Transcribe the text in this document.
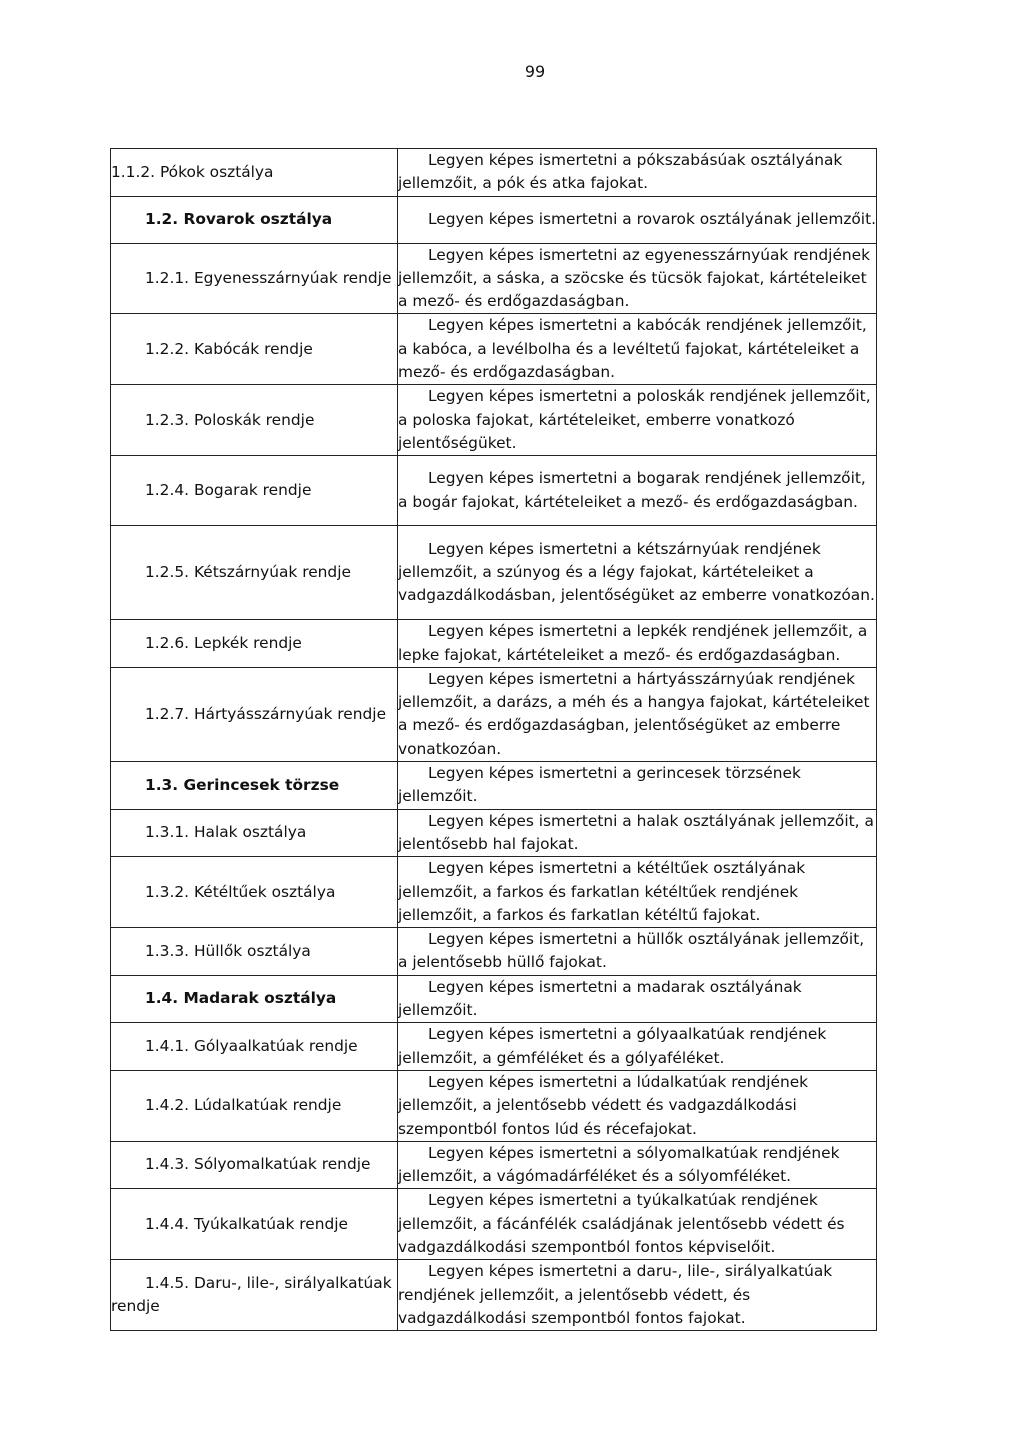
99
1.1.2. Pókok osztálya	Legyen képes ismertetni a pókszabásúak osztályának jellemzőit, a pók és atka fajokat.

1.2. Rovarok osztálya	Legyen képes ismertetni a rovarok osztályának jellemzőit.

1.2.1. Egyenesszárnyúak rendje	Legyen képes ismertetni az egyenesszárnyúak rendjének jellemzőit, a sáska, a szöcske és tücsök fajokat, kártételeiket a mező- és erdőgazdaságban.

1.2.2. Kabócák rendje	Legyen képes ismertetni a kabócák rendjének jellemzőit, a kabóca, a levélbolha és a levéltetű fajokat, kártételeiket a mező- és erdőgazdaságban.

1.2.3. Poloskák rendje	Legyen képes ismertetni a poloskák rendjének jellemzőit, a poloska fajokat, kártételeiket, emberre vonatkozó jelentőségüket.

1.2.4. Bogarak rendje	Legyen képes ismertetni a bogarak rendjének jellemzőit, a bogár fajokat, kártételeiket a mező- és erdőgazdaságban.

1.2.5. Kétszárnyúak rendje	Legyen képes ismertetni a kétszárnyúak rendjének jellemzőit, a szúnyog és a légy fajokat, kártételeiket a vadgazdálkodásban, jelentőségüket az emberre vonatkozóan.

1.2.6. Lepkék rendje	Legyen képes ismertetni a lepkék rendjének jellemzőit, a lepke fajokat, kártételeiket a mező- és erdőgazdaságban.

1.2.7. Hártyásszárnyúak rendje	Legyen képes ismertetni a hártyásszárnyúak rendjének jellemzőit, a darázs, a méh és a hangya fajokat, kártételeiket a mező- és erdőgazdaságban, jelentőségüket az emberre vonatkozóan.

1.3. Gerincesek törzse	Legyen képes ismertetni a gerincesek törzsének jellemzőit.

1.3.1. Halak osztálya	Legyen képes ismertetni a halak osztályának jellemzőit, a jelentősebb hal fajokat.

1.3.2. Kétéltűek osztálya	Legyen képes ismertetni a kétéltűek osztályának jellemzőit, a farkos és farkatlan kétéltűek rendjének jellemzőit, a farkos és farkatlan kétéltű fajokat.

1.3.3. Hüllők osztálya	Legyen képes ismertetni a hüllők osztályának jellemzőit, a jelentősebb hüllő fajokat.

1.4. Madarak osztálya	Legyen képes ismertetni a madarak osztályának jellemzőit.

1.4.1. Gólyaalkatúak rendje	Legyen képes ismertetni a gólyaalkatúak rendjének jellemzőit, a gémféléket és a gólyaféléket.

1.4.2. Lúdalkatúak rendje	Legyen képes ismertetni a lúdalkatúak rendjének jellemzőit, a jelentősebb védett és vadgazdálkodási szempontból fontos lúd és récefajokat.

1.4.3. Sólyomalkatúak rendje	Legyen képes ismertetni a sólyomalkatúak rendjének jellemzőit, a vágómadárféléket és a sólyomféléket.

1.4.4. Tyúkalkatúak rendje	Legyen képes ismertetni a tyúkalkatúak rendjének jellemzőit, a fácánfélék családjának jelentősebb védett és vadgazdálkodási szempontból fontos képviselőit.

1.4.5. Daru-, lile-, sirályalkatúak rendje	Legyen képes ismertetni a daru-, lile-, sirályalkatúak rendjének jellemzőit, a jelentősebb védett, és vadgazdálkodási szempontból fontos fajokat.
